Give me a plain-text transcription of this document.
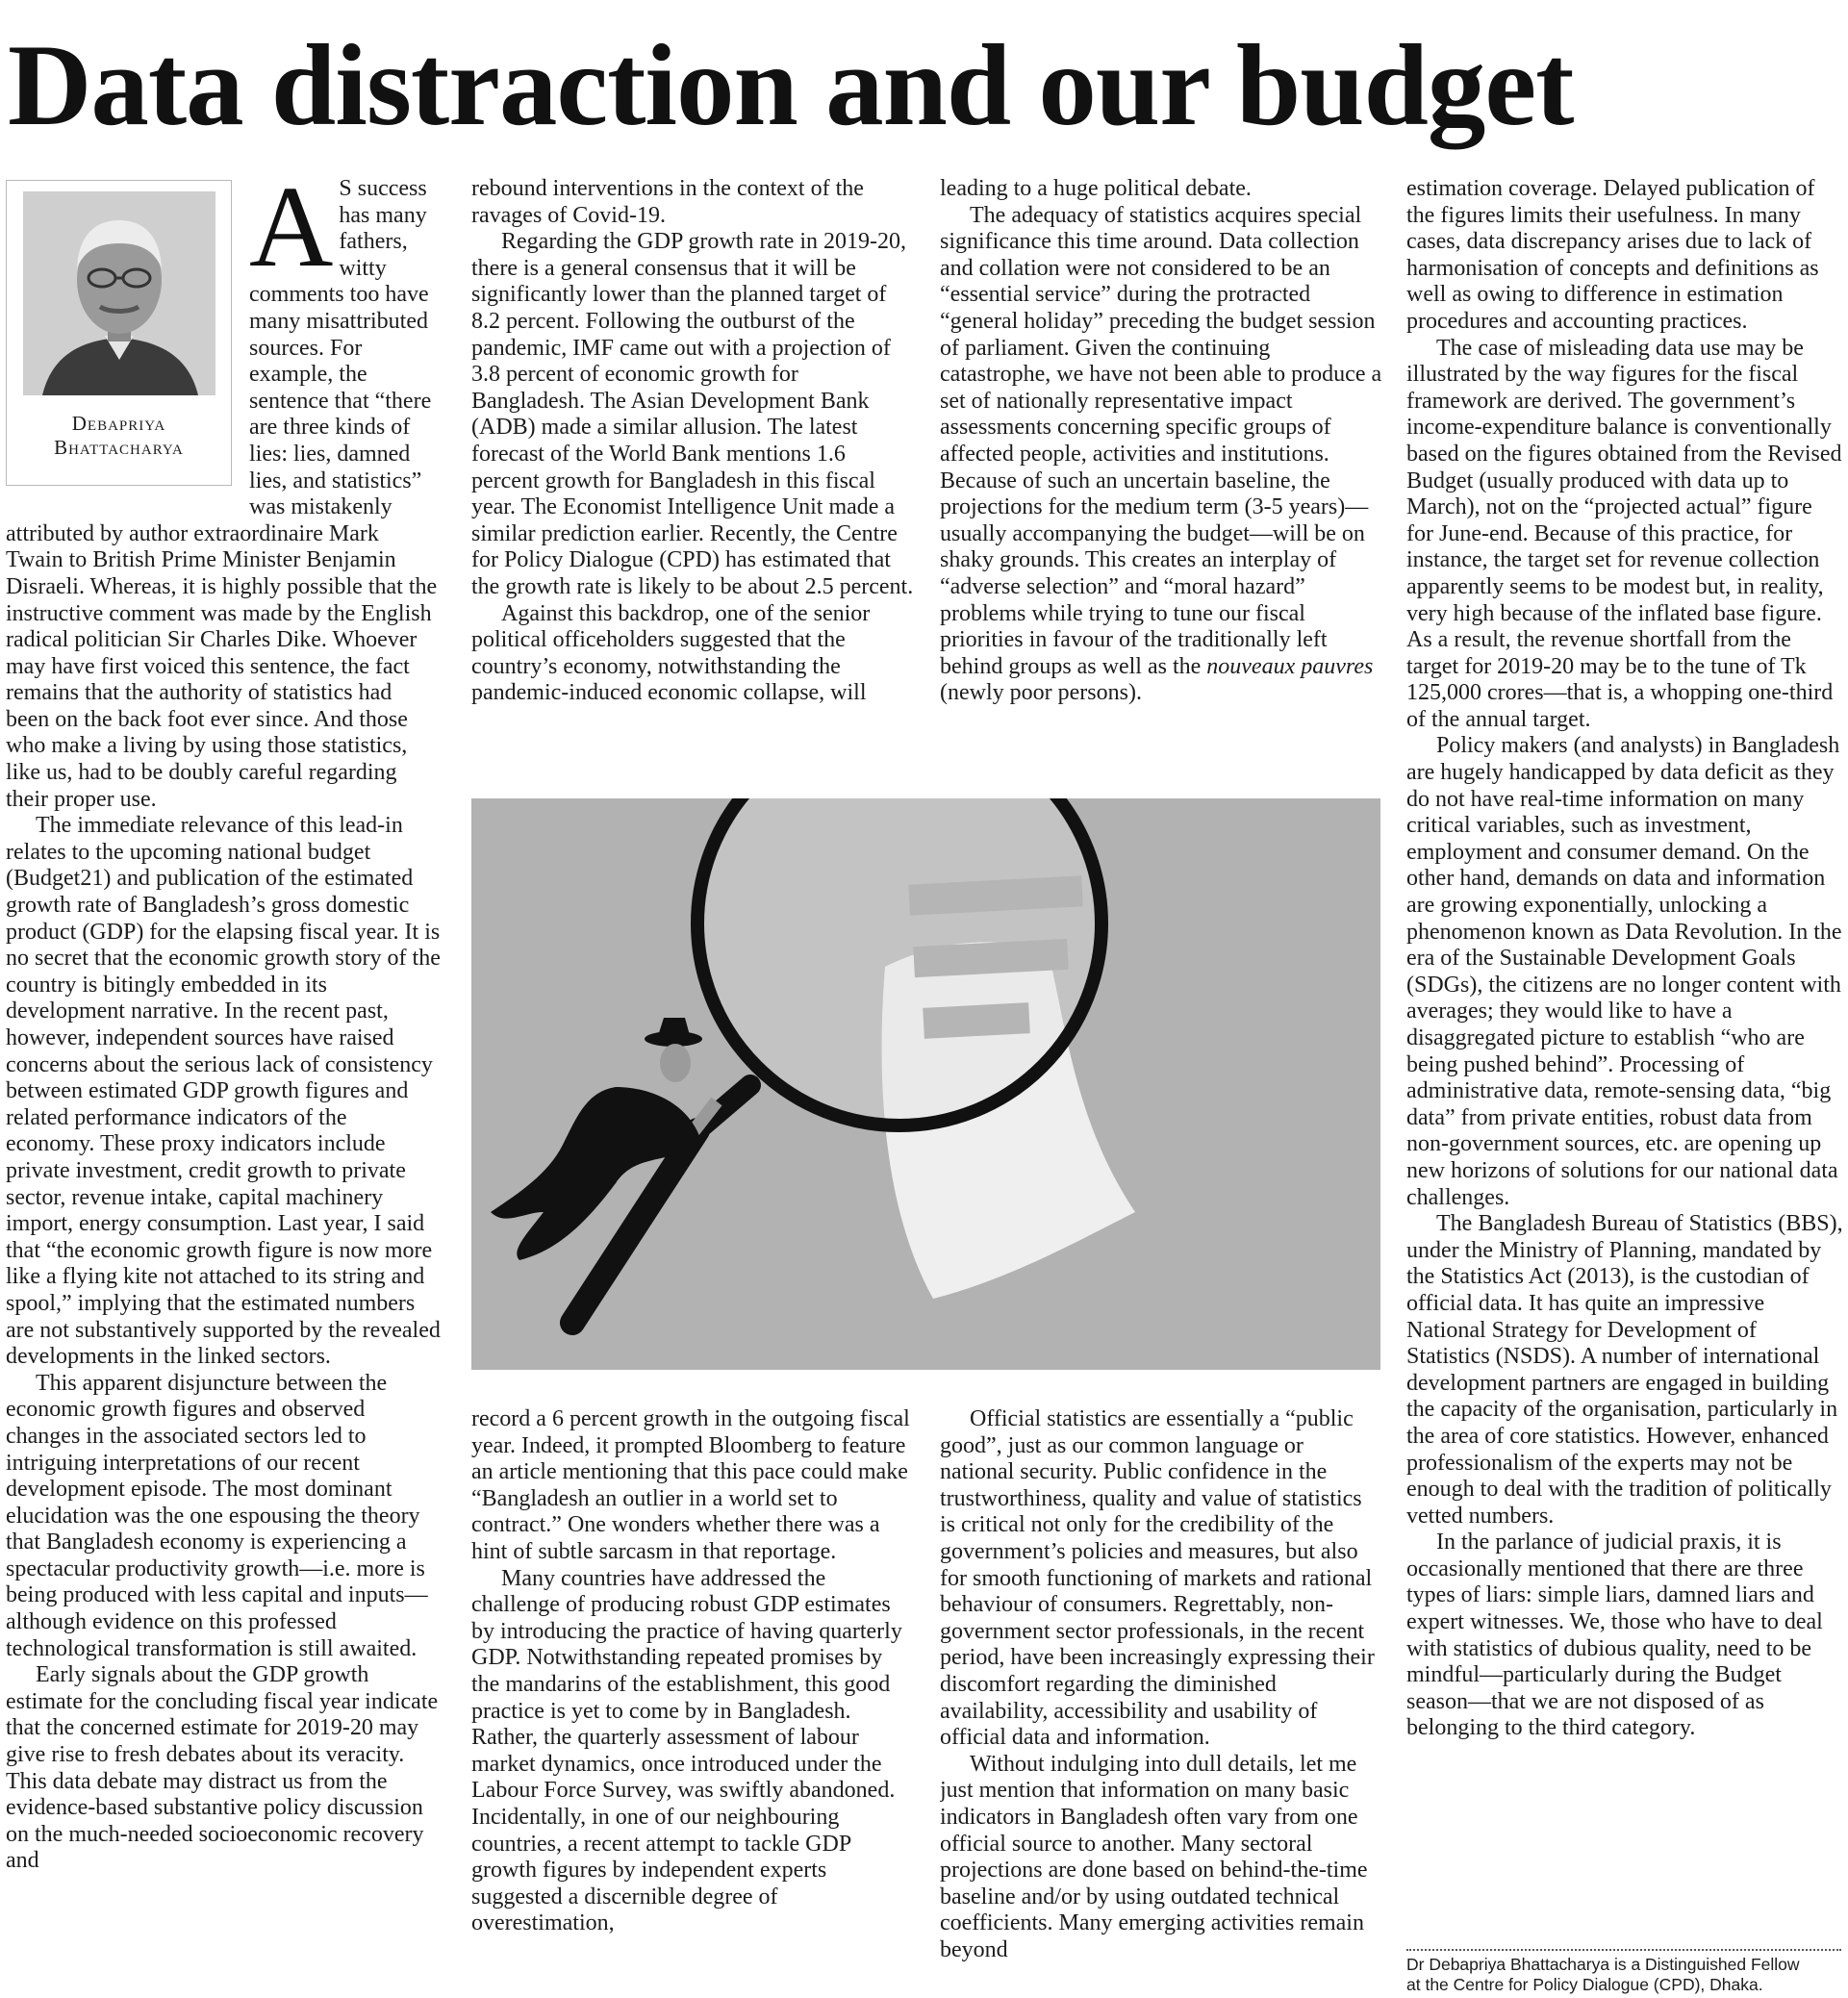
Data distraction and our budget
Debapriya
Bhattacharya
A S success has many fathers, witty comments too have many misattributed sources. For example, the sentence that “there are three kinds of lies: lies, damned lies, and statistics” was mistakenly attributed by author extraordinaire Mark Twain to British Prime Minister Benjamin Disraeli. Whereas, it is highly possible that the instructive comment was made by the English radical politician Sir Charles Dike. Whoever may have first voiced this sentence, the fact remains that the authority of statistics had been on the back foot ever since. And those who make a living by using those statistics, like us, had to be doubly careful regarding their proper use.

The immediate relevance of this lead-in relates to the upcoming national budget (Budget21) and publication of the estimated growth rate of Bangladesh’s gross domestic product (GDP) for the elapsing fiscal year. It is no secret that the economic growth story of the country is bitingly embedded in its development narrative. In the recent past, however, independent sources have raised concerns about the serious lack of consistency between estimated GDP growth figures and related performance indicators of the economy. These proxy indicators include private investment, credit growth to private sector, revenue intake, capital machinery import, energy consumption. Last year, I said that “the economic growth figure is now more like a flying kite not attached to its string and spool,” implying that the estimated numbers are not substantively supported by the revealed developments in the linked sectors.

This apparent disjuncture between the economic growth figures and observed changes in the associated sectors led to intriguing interpretations of our recent development episode. The most dominant elucidation was the one espousing the theory that Bangladesh economy is experiencing a spectacular productivity growth—i.e. more is being produced with less capital and inputs—although evidence on this professed technological transformation is still awaited.

Early signals about the GDP growth estimate for the concluding fiscal year indicate that the concerned estimate for 2019-20 may give rise to fresh debates about its veracity. This data debate may distract us from the evidence-based substantive policy discussion on the much-needed socioeconomic recovery and

rebound interventions in the context of the ravages of Covid-19.

Regarding the GDP growth rate in 2019-20, there is a general consensus that it will be significantly lower than the planned target of 8.2 percent. Following the outburst of the pandemic, IMF came out with a projection of 3.8 percent of economic growth for Bangladesh. The Asian Development Bank (ADB) made a similar allusion. The latest forecast of the World Bank mentions 1.6 percent growth for Bangladesh in this fiscal year. The Economist Intelligence Unit made a similar prediction earlier. Recently, the Centre for Policy Dialogue (CPD) has estimated that the growth rate is likely to be about 2.5 percent.

Against this backdrop, one of the senior political officeholders suggested that the country’s economy, notwithstanding the pandemic-induced economic collapse, will

leading to a huge political debate.

The adequacy of statistics acquires special significance this time around. Data collection and collation were not considered to be an “essential service” during the protracted “general holiday” preceding the budget session of parliament. Given the continuing catastrophe, we have not been able to produce a set of nationally representative impact assessments concerning specific groups of affected people, activities and institutions. Because of such an uncertain baseline, the projections for the medium term (3-5 years)—usually accompanying the budget—will be on shaky grounds. This creates an interplay of “adverse selection” and “moral hazard” problems while trying to tune our fiscal priorities in favour of the traditionally left behind groups as well as the nouveaux pauvres (newly poor persons).

record a 6 percent growth in the outgoing fiscal year. Indeed, it prompted Bloomberg to feature an article mentioning that this pace could make “Bangladesh an outlier in a world set to contract.” One wonders whether there was a hint of subtle sarcasm in that reportage.

Many countries have addressed the challenge of producing robust GDP estimates by introducing the practice of having quarterly GDP. Notwithstanding repeated promises by the mandarins of the establishment, this good practice is yet to come by in Bangladesh. Rather, the quarterly assessment of labour market dynamics, once introduced under the Labour Force Survey, was swiftly abandoned. Incidentally, in one of our neighbouring countries, a recent attempt to tackle GDP growth figures by independent experts suggested a discernible degree of overestimation,

Official statistics are essentially a “public good”, just as our common language or national security. Public confidence in the trustworthiness, quality and value of statistics is critical not only for the credibility of the government’s policies and measures, but also for smooth functioning of markets and rational behaviour of consumers. Regrettably, non-government sector professionals, in the recent period, have been increasingly expressing their discomfort regarding the diminished availability, accessibility and usability of official data and information.

Without indulging into dull details, let me just mention that information on many basic indicators in Bangladesh often vary from one official source to another. Many sectoral projections are done based on behind-the-time baseline and/or by using outdated technical coefficients. Many emerging activities remain beyond

estimation coverage. Delayed publication of the figures limits their usefulness. In many cases, data discrepancy arises due to lack of harmonisation of concepts and definitions as well as owing to difference in estimation procedures and accounting practices.

The case of misleading data use may be illustrated by the way figures for the fiscal framework are derived. The government’s income-expenditure balance is conventionally based on the figures obtained from the Revised Budget (usually produced with data up to March), not on the “projected actual” figure for June-end. Because of this practice, for instance, the target set for revenue collection apparently seems to be modest but, in reality, very high because of the inflated base figure. As a result, the revenue shortfall from the target for 2019-20 may be to the tune of Tk 125,000 crores—that is, a whopping one-third of the annual target.

Policy makers (and analysts) in Bangladesh are hugely handicapped by data deficit as they do not have real-time information on many critical variables, such as investment, employment and consumer demand. On the other hand, demands on data and information are growing exponentially, unlocking a phenomenon known as Data Revolution. In the era of the Sustainable Development Goals (SDGs), the citizens are no longer content with averages; they would like to have a disaggregated picture to establish “who are being pushed behind”. Processing of administrative data, remote-sensing data, “big data” from private entities, robust data from non-government sources, etc. are opening up new horizons of solutions for our national data challenges.

The Bangladesh Bureau of Statistics (BBS), under the Ministry of Planning, mandated by the Statistics Act (2013), is the custodian of official data. It has quite an impressive National Strategy for Development of Statistics (NSDS). A number of international development partners are engaged in building the capacity of the organisation, particularly in the area of core statistics. However, enhanced professionalism of the experts may not be enough to deal with the tradition of politically vetted numbers.

In the parlance of judicial praxis, it is occasionally mentioned that there are three types of liars: simple liars, damned liars and expert witnesses. We, those who have to deal with statistics of dubious quality, need to be mindful—particularly during the Budget season—that we are not disposed of as belonging to the third category.

Dr Debapriya Bhattacharya is a Distinguished Fellow
at the Centre for Policy Dialogue (CPD), Dhaka.
